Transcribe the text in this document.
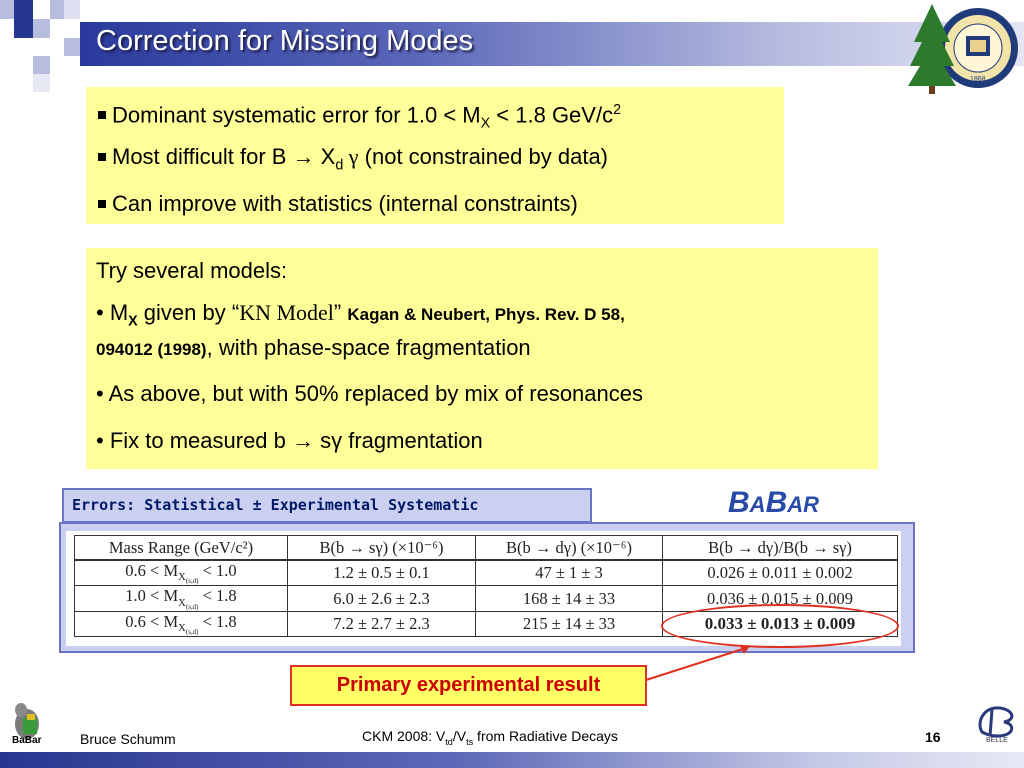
Correction for Missing Modes
1868
Dominant systematic error for $1.0 < M_X < 1.8$ GeV/$c^2$
Most difficult for $B \to X_d$ γ (not constrained by data)
Can improve with statistics (internal constraints)
Try several models:
• $M_X$ given by “KN Model” Kagan & Neubert, Phys. Rev. D 58,
094012 (1998), with phase-space fragmentation
• As above, but with 50% replaced by mix of resonances
• Fix to measured b → sγ fragmentation
Errors: Statistical ± Experimental Systematic	BABAR
Mass Range (GeV/c²)	B(b → sγ) (×10⁻⁶)	B(b → dγ) (×10⁻⁶)	B(b → dγ)/B(b → sγ)
$0.6 < M_{X_{(s,d)}} < 1.0$	1.2 ± 0.5 ± 0.1	47 ± 1 ± 3	0.026 ± 0.011 ± 0.002
$1.0 < M_{X_{(s,d)}} < 1.8$	6.0 ± 2.6 ± 2.3	168 ± 14 ± 33	0.036 ± 0.015 ± 0.009
$0.6 < M_{X_{(s,d)}} < 1.8$	7.2 ± 2.7 ± 2.3	215 ± 14 ± 33	0.033 ± 0.013 ± 0.009
Primary experimental result
BaBar	Bruce Schumm	CKM 2008: $V_{td}/V_{ts}$ from Radiative Decays	16	BELLE
